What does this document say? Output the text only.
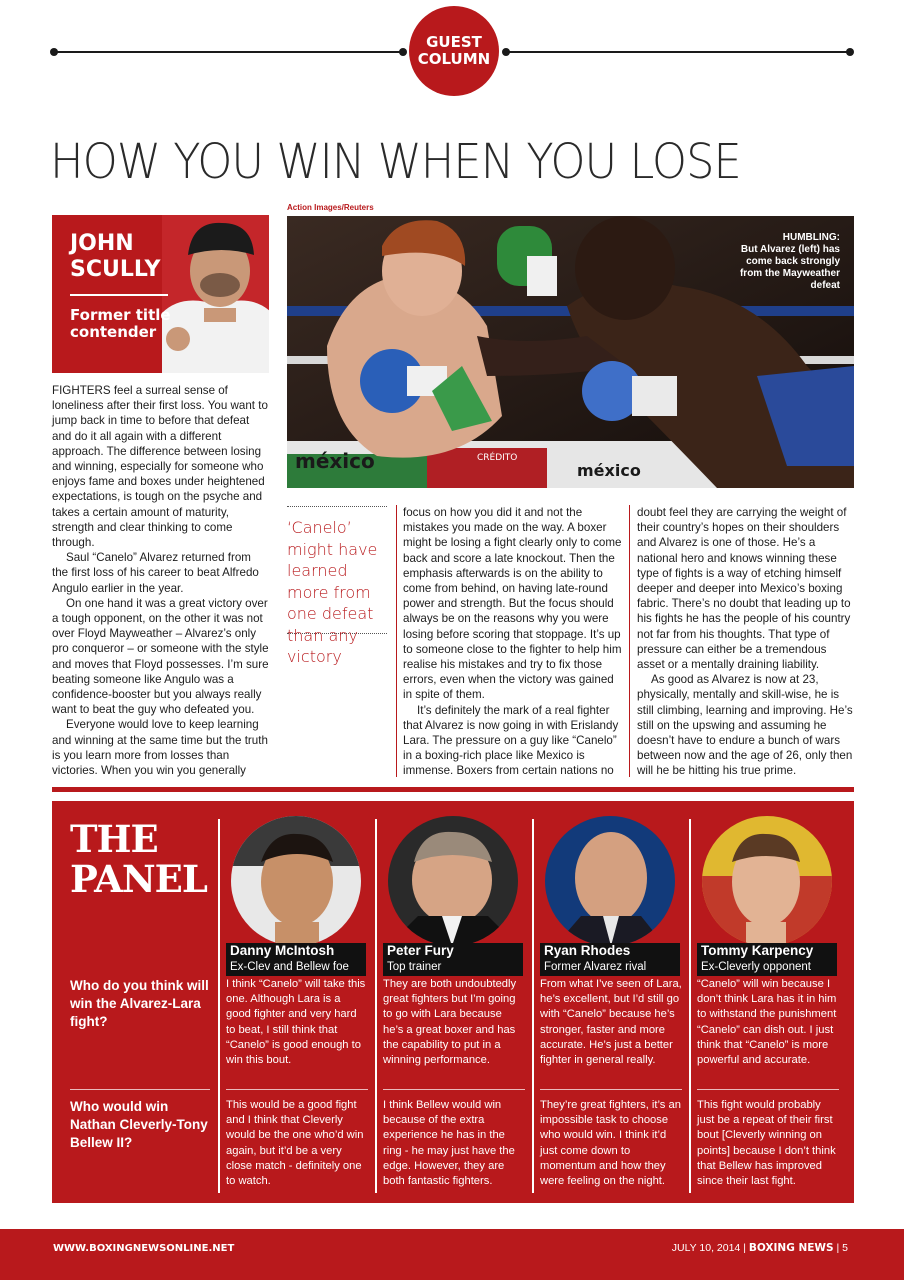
GUEST
COLUMN
HOW YOU WIN WHEN YOU LOSE
JOHN
SCULLY
Former title
contender
Action Images/Reuters
méxico	méxico
CRÉDITO
HUMBLING:
But Alvarez (left) has come back strongly from the Mayweather defeat

FIGHTERS feel a surreal sense of loneliness after their first loss. You want to jump back in time to before that defeat and do it all again with a different approach. The difference between losing and winning, especially for someone who enjoys fame and boxes under heightened expectations, is tough on the psyche and takes a certain amount of maturity, strength and clear thinking to come through.

Saul “Canelo” Alvarez returned from the first loss of his career to beat Alfredo Angulo earlier in the year.

On one hand it was a great victory over a tough opponent, on the other it was not over Floyd Mayweather – Alvarez’s only pro conqueror – or someone with the style and moves that Floyd possesses. I’m sure beating someone like Angulo was a confidence-booster but you always really want to beat the guy who defeated you.

Everyone would love to keep learning and winning at the same time but the truth is you learn more from losses than victories. When you win you generally

‘Canelo’ might have learned more from one defeat than any victory

focus on how you did it and not the mistakes you made on the way. A boxer might be losing a fight clearly only to come back and score a late knockout. Then the emphasis afterwards is on the ability to come from behind, on having late-round power and strength. But the focus should always be on the reasons why you were losing before scoring that stoppage. It’s up to someone close to the fighter to help him realise his mistakes and try to fix those errors, even when the victory was gained in spite of them.

It’s definitely the mark of a real fighter that Alvarez is now going in with Erislandy Lara. The pressure on a guy like “Canelo” in a boxing-rich place like Mexico is immense. Boxers from certain nations no

doubt feel they are carrying the weight of their country’s hopes on their shoulders and Alvarez is one of those. He’s a national hero and knows winning these type of fights is a way of etching himself deeper and deeper into Mexico’s boxing fabric. There’s no doubt that leading up to his fights he has the people of his country not far from his thoughts. That type of pressure can either be a tremendous asset or a mentally draining liability.

As good as Alvarez is now at 23, physically, mentally and skill-wise, he is still climbing, learning and improving. He’s still on the upswing and assuming he doesn’t have to endure a bunch of wars between now and the age of 26, only then will he be hitting his true prime.

THE
PANEL
Who do you think will win the Alvarez-Lara fight?
Who would win Nathan Cleverly-Tony Bellew II?
Danny McIntosh
Ex-Clev and Bellew foe
I think “Canelo” will take this one. Although Lara is a good fighter and very hard to beat, I still think that “Canelo” is good enough to win this bout.
This would be a good fight and I think that Cleverly would be the one who’d win again, but it’d be a very close match - definitely one to watch.
Peter Fury
Top trainer
They are both undoubtedly great fighters but I’m going to go with Lara because he’s a great boxer and has the capability to put in a winning performance.
I think Bellew would win because of the extra experience he has in the ring - he may just have the edge. However, they are both fantastic fighters.
Ryan Rhodes
Former Alvarez rival
From what I’ve seen of Lara, he’s excellent, but I’d still go with “Canelo” because he’s stronger, faster and more accurate. He’s just a better fighter in general really.
They’re great fighters, it’s an impossible task to choose who would win. I think it’d just come down to momentum and how they were feeling on the night.
Tommy Karpency
Ex-Cleverly opponent
“Canelo” will win because I don’t think Lara has it in him to withstand the punishment “Canelo” can dish out. I just think that “Canelo” is more powerful and accurate.
This fight would probably just be a repeat of their first bout [Cleverly winning on points] because I don’t think that Bellew has improved since their last fight.
WWW.BOXINGNEWSONLINE.NET	JULY 10, 2014 | BOXING NEWS | 5
